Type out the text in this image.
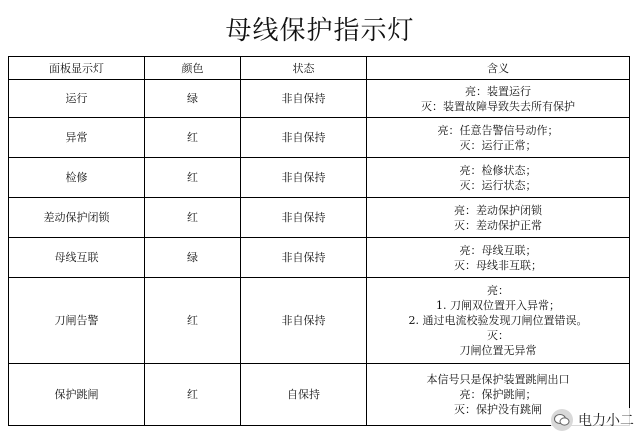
母线保护指示灯
面板显示灯	颜色	状态	含义
运行	绿	非自保持	亮：装置运行
灭：装置故障导致失去所有保护

异常	红	非自保持	亮：任意告警信号动作；
灭：运行正常；

检修	红	非自保持	亮：检修状态；
灭：运行状态；

差动保护闭锁	红	非自保持	亮：差动保护闭锁
灭：差动保护正常

母线互联	绿	非自保持	亮：母线互联；
灭：母线非互联；

刀闸告警	红	非自保持	亮：
1. 刀闸双位置开入异常；
2. 通过电流校验发现刀闸位置错误。
灭：
刀闸位置无异常

保护跳闸	红	自保持	本信号只是保护装置跳闸出口
亮：保护跳闸；
灭：保护没有跳闸
电力小二
